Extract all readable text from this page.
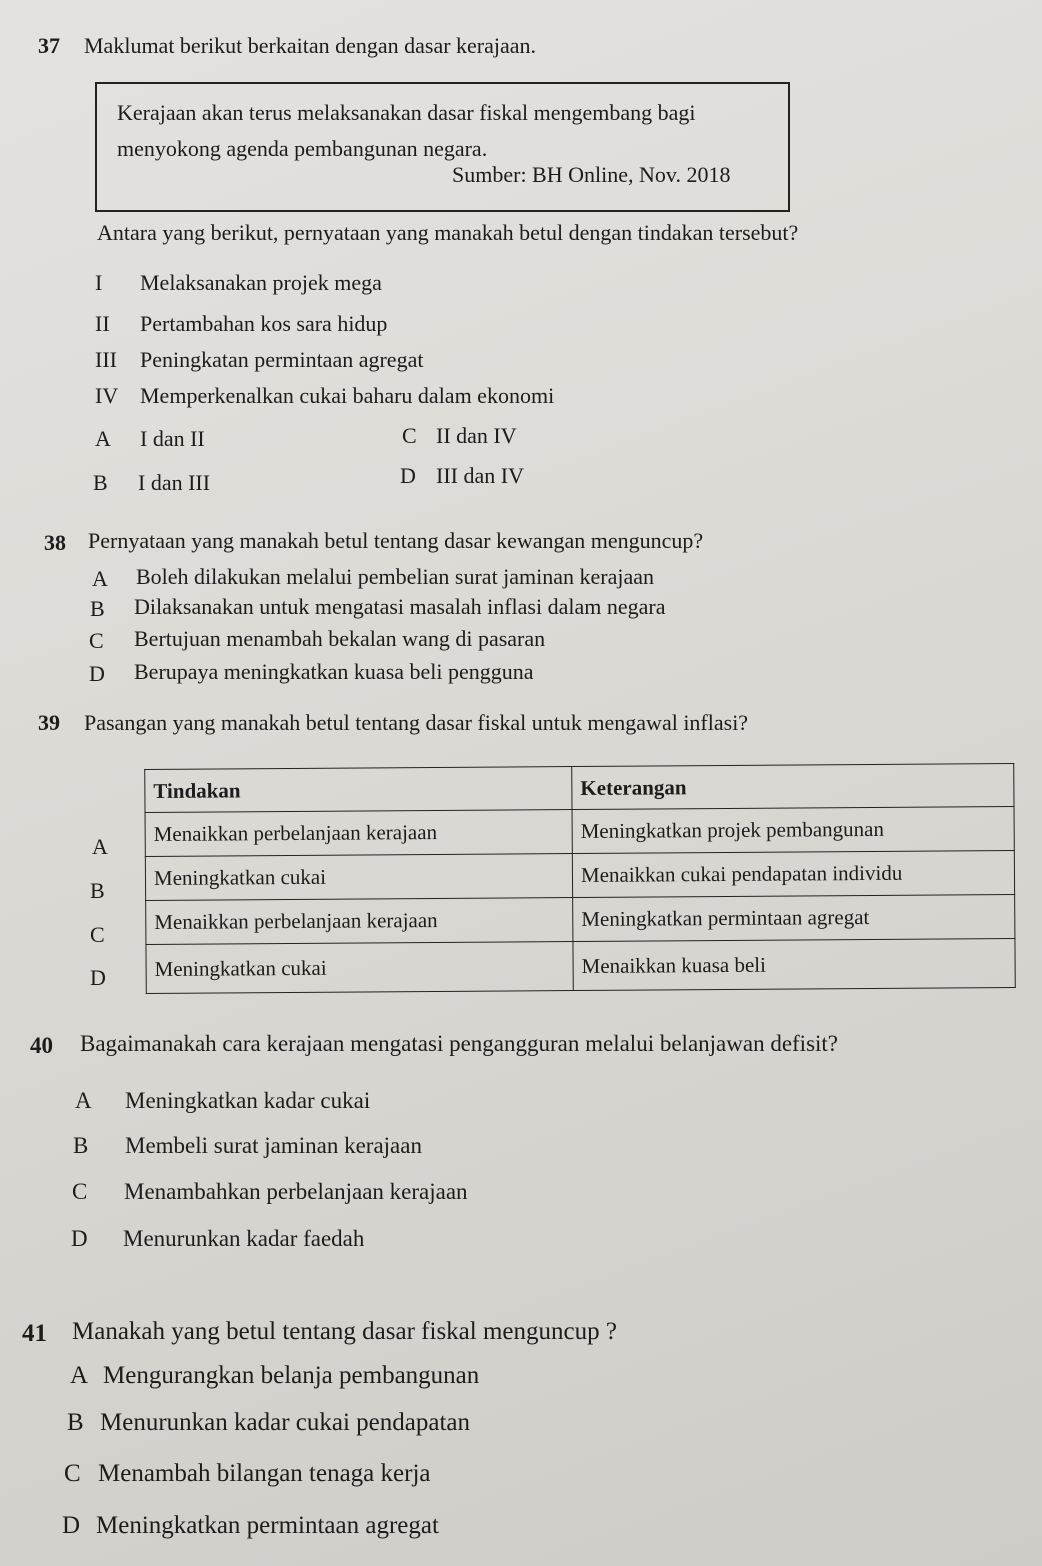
37 Maklumat berikut berkaitan dengan dasar kerajaan.
Kerajaan akan terus melaksanakan dasar fiskal mengembang bagi
menyokong agenda pembangunan negara.
Sumber: BH Online, Nov. 2018
Antara yang berikut, pernyataan yang manakah betul dengan tindakan tersebut?
I Melaksanakan projek mega
II Pertambahan kos sara hidup
III Peningkatan permintaan agregat
IV Memperkenalkan cukai baharu dalam ekonomi
A I dan II
B I dan III
C II dan IV
D III dan IV
38 Pernyataan yang manakah betul tentang dasar kewangan menguncup?
A Boleh dilakukan melalui pembelian surat jaminan kerajaan
B Dilaksanakan untuk mengatasi masalah inflasi dalam negara
C Bertujuan menambah bekalan wang di pasaran
D Berupaya meningkatkan kuasa beli pengguna
39 Pasangan yang manakah betul tentang dasar fiskal untuk mengawal inflasi?
A
B
C
D
Tindakan	Keterangan
Menaikkan perbelanjaan kerajaan	Meningkatkan projek pembangunan
Meningkatkan cukai	Menaikkan cukai pendapatan individu
Menaikkan perbelanjaan kerajaan	Meningkatkan permintaan agregat
Meningkatkan cukai	Menaikkan kuasa beli
40 Bagaimanakah cara kerajaan mengatasi pengangguran melalui belanjawan defisit?
A Meningkatkan kadar cukai
B Membeli surat jaminan kerajaan
C Menambahkan perbelanjaan kerajaan
D Menurunkan kadar faedah
41 Manakah yang betul tentang dasar fiskal menguncup ?
A Mengurangkan belanja pembangunan
B Menurunkan kadar cukai pendapatan
C Menambah bilangan tenaga kerja
D Meningkatkan permintaan agregat
